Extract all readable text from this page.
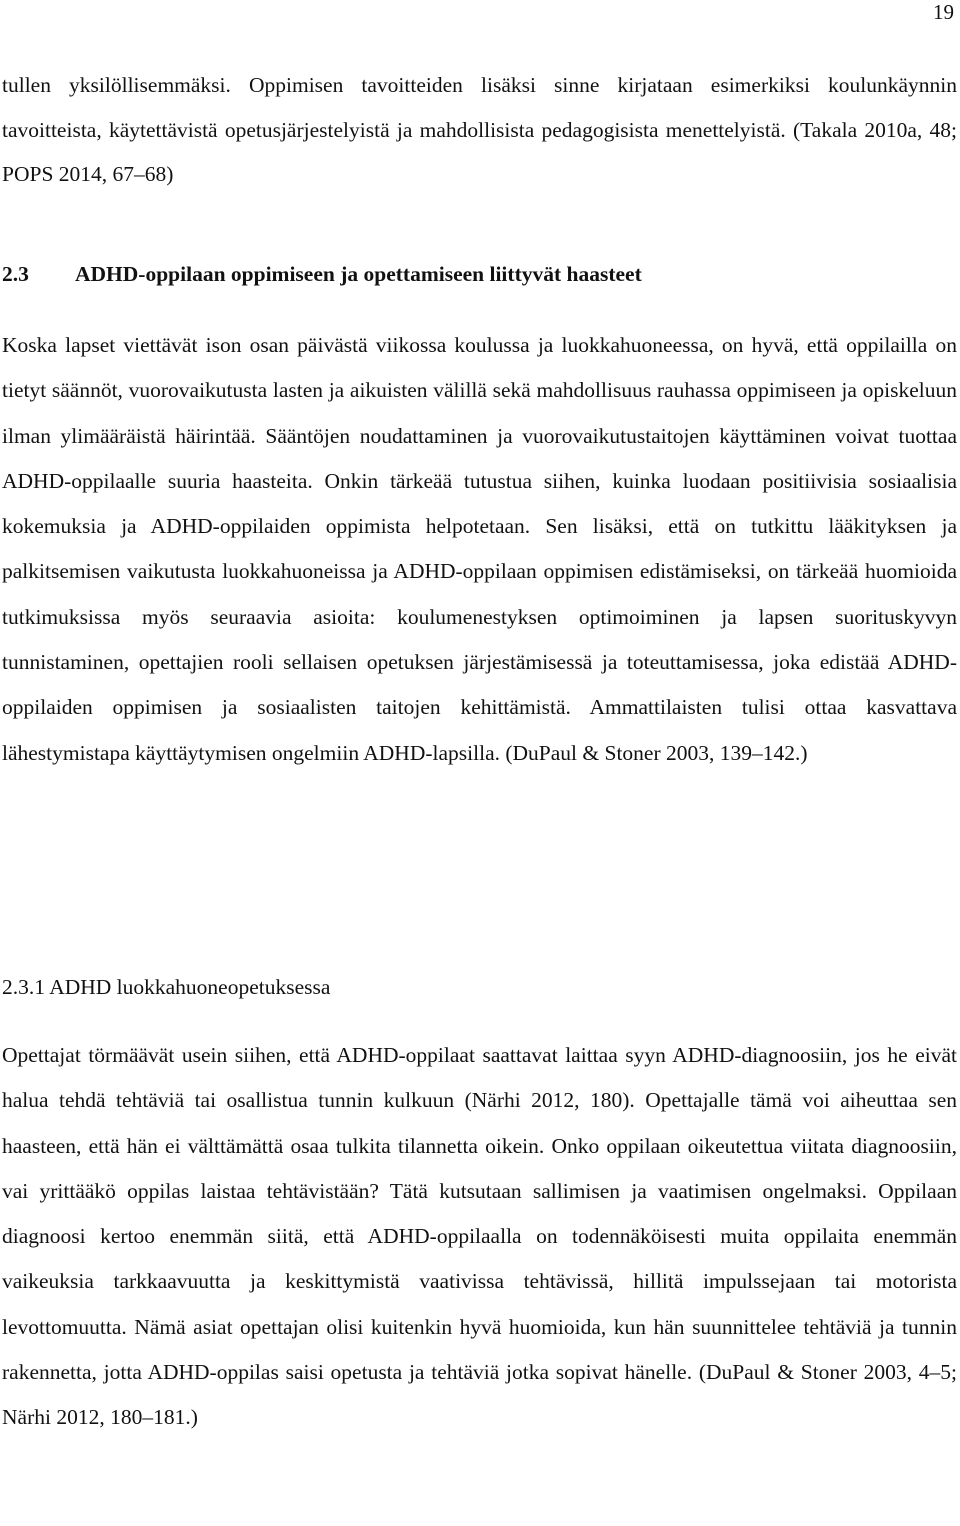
19

tullen yksilöllisemmäksi. Oppimisen tavoitteiden lisäksi sinne kirjataan esimerkiksi koulunkäynnin tavoitteista, käytettävistä opetusjärjestelyistä ja mahdollisista pedagogisista menettelyistä. (Takala 2010a, 48; POPS 2014, 67–68)

2.3 ADHD-oppilaan oppimiseen ja opettamiseen liittyvät haasteet

Koska lapset viettävät ison osan päivästä viikossa koulussa ja luokkahuoneessa, on hyvä, että oppilailla on tietyt säännöt, vuorovaikutusta lasten ja aikuisten välillä sekä mahdollisuus rauhassa oppimiseen ja opiskeluun ilman ylimääräistä häirintää. Sääntöjen noudattaminen ja vuorovaikutustaitojen käyttäminen voivat tuottaa ADHD-oppilaalle suuria haasteita. Onkin tärkeää tutustua siihen, kuinka luodaan positiivisia sosiaalisia kokemuksia ja ADHD-oppilaiden oppimista helpotetaan. Sen lisäksi, että on tutkittu lääkityksen ja palkitsemisen vaikutusta luokkahuoneissa ja ADHD-oppilaan oppimisen edistämiseksi, on tärkeää huomioida tutkimuksissa myös seuraavia asioita: koulumenestyksen optimoiminen ja lapsen suorituskyvyn tunnistaminen, opettajien rooli sellaisen opetuksen järjestämisessä ja toteuttamisessa, joka edistää ADHD-oppilaiden oppimisen ja sosiaalisten taitojen kehittämistä. Ammattilaisten tulisi ottaa kasvattava lähestymistapa käyttäytymisen ongelmiin ADHD-lapsilla. (DuPaul & Stoner 2003, 139–142.)

2.3.1 ADHD luokkahuoneopetuksessa

Opettajat törmäävät usein siihen, että ADHD-oppilaat saattavat laittaa syyn ADHD-diagnoosiin, jos he eivät halua tehdä tehtäviä tai osallistua tunnin kulkuun (Närhi 2012, 180). Opettajalle tämä voi aiheuttaa sen haasteen, että hän ei välttämättä osaa tulkita tilannetta oikein. Onko oppilaan oikeutettua viitata diagnoosiin, vai yrittääkö oppilas laistaa tehtävistään? Tätä kutsutaan sallimisen ja vaatimisen ongelmaksi. Oppilaan diagnoosi kertoo enemmän siitä, että ADHD-oppilaalla on todennäköisesti muita oppilaita enemmän vaikeuksia tarkkaavuutta ja keskittymistä vaativissa tehtävissä, hillitä impulssejaan tai motorista levottomuutta. Nämä asiat opettajan olisi kuitenkin hyvä huomioida, kun hän suunnittelee tehtäviä ja tunnin rakennetta, jotta ADHD-oppilas saisi opetusta ja tehtäviä jotka sopivat hänelle. (DuPaul & Stoner 2003, 4–5; Närhi 2012, 180–181.)
